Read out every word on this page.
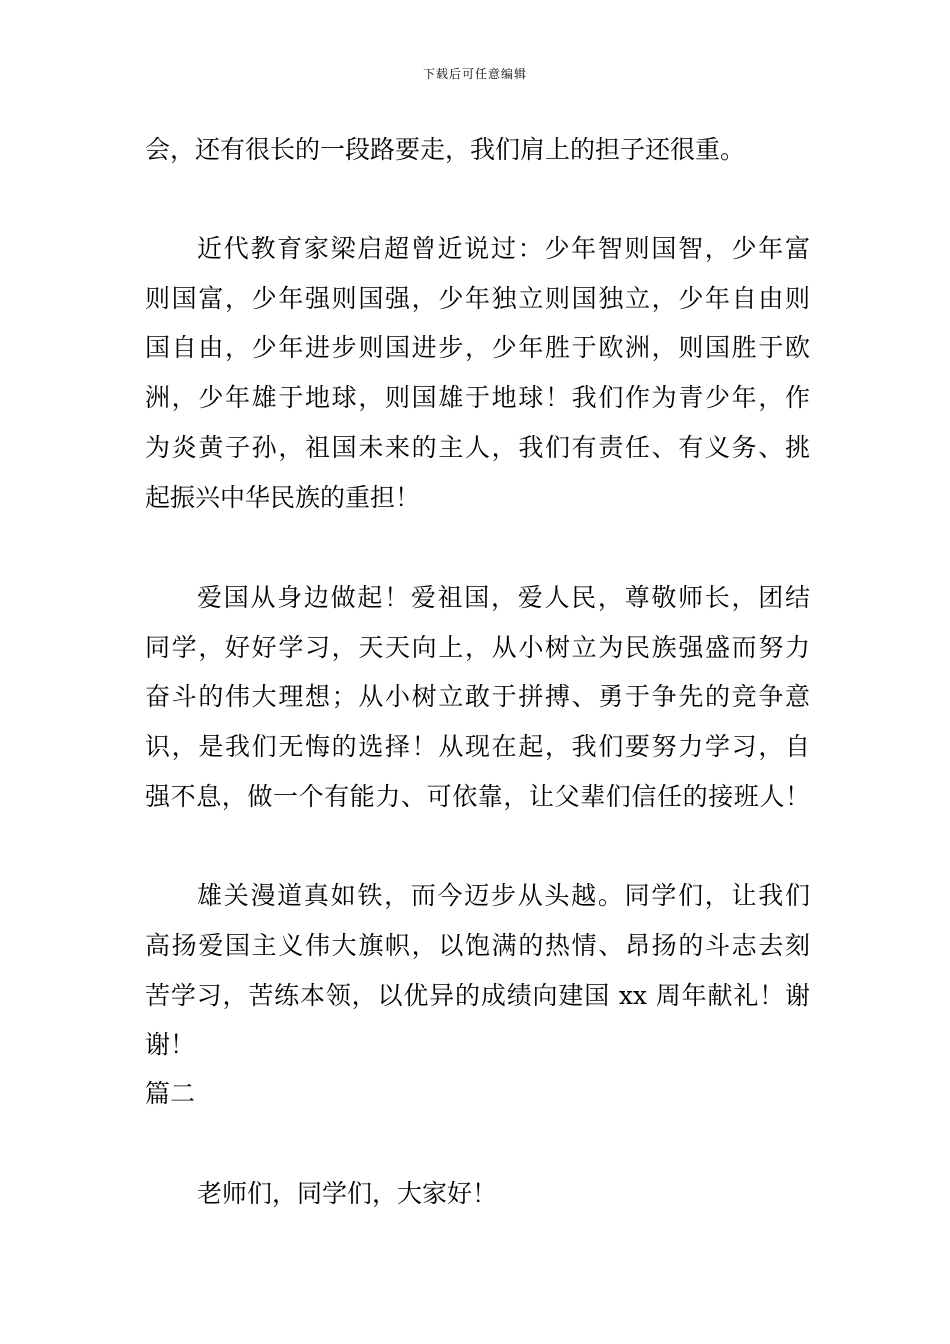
下载后可任意编辑
会，还有很长的一段路要走，我们肩上的担子还很重。
近代教育家梁启超曾近说过：少年智则国智，少年富
则国富，少年强则国强，少年独立则国独立，少年自由则
国自由，少年进步则国进步，少年胜于欧洲，则国胜于欧
洲，少年雄于地球，则国雄于地球！我们作为青少年，作
为炎黄子孙，祖国未来的主人，我们有责任、有义务、挑
起振兴中华民族的重担！
爱国从身边做起！爱祖国，爱人民，尊敬师长，团结
同学，好好学习，天天向上，从小树立为民族强盛而努力
奋斗的伟大理想；从小树立敢于拼搏、勇于争先的竞争意
识，是我们无悔的选择！从现在起，我们要努力学习，自
强不息，做一个有能力、可依靠，让父辈们信任的接班人！
雄关漫道真如铁，而今迈步从头越。同学们，让我们
高扬爱国主义伟大旗帜，以饱满的热情、昂扬的斗志去刻
苦学习，苦练本领，以优异的成绩向建国 xx 周年献礼！谢
谢！
篇二
老师们，同学们，大家好！
